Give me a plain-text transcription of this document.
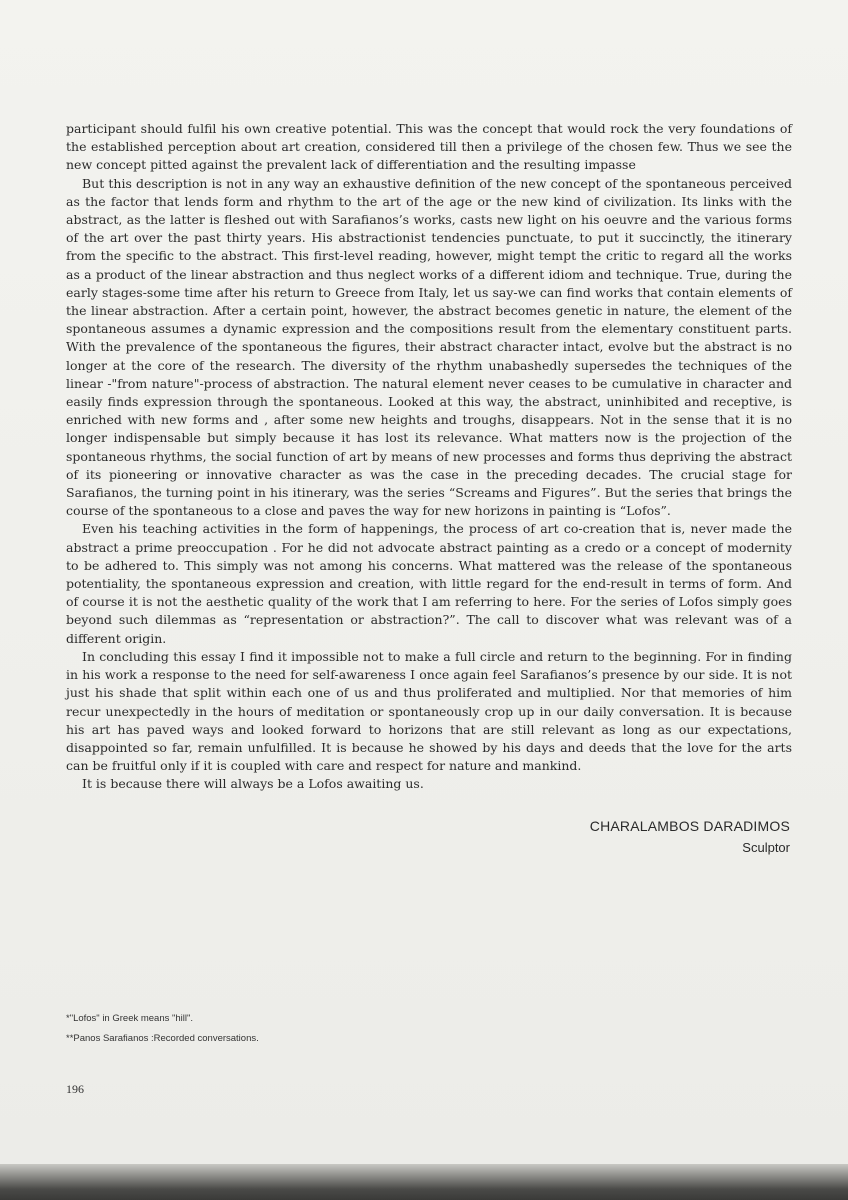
participant should fulfil his own creative potential. This was the concept that would rock the very foundations of the established perception about art creation, considered till then a privilege of the chosen few. Thus we see the new concept pitted against the prevalent lack of differentiation and the resulting impasse

But this description is not in any way an exhaustive definition of the new concept of the spontaneous perceived as the factor that lends form and rhythm to the art of the age or the new kind of civilization. Its links with the abstract, as the latter is fleshed out with Sarafianos’s works, casts new light on his oeuvre and the various forms of the art over the past thirty years. His abstractionist tendencies punctuate, to put it succinctly, the itinerary from the specific to the abstract. This first-level reading, however, might tempt the critic to regard all the works as a product of the linear abstraction and thus neglect works of a different idiom and technique. True, during the early stages-some time after his return to Greece from Italy, let us say-we can find works that contain elements of the linear abstraction. After a certain point, however, the abstract becomes genetic in nature, the element of the spontaneous assumes a dynamic expression and the compositions result from the elementary constituent parts. With the prevalence of the spontaneous the figures, their abstract character intact, evolve but the abstract is no longer at the core of the research. The diversity of the rhythm unabashedly supersedes the techniques of the linear -"from nature"-process of abstraction. The natural element never ceases to be cumulative in character and easily finds expression through the spontaneous. Looked at this way, the abstract, uninhibited and receptive, is enriched with new forms and , after some new heights and troughs, disappears. Not in the sense that it is no longer indispensable but simply because it has lost its relevance. What matters now is the projection of the spontaneous rhythms, the social function of art by means of new processes and forms thus depriving the abstract of its pioneering or innovative character as was the case in the preceding decades. The crucial stage for Sarafianos, the turning point in his itinerary, was the series “Screams and Figures”. But the series that brings the course of the spontaneous to a close and paves the way for new horizons in painting is “Lofos”.

Even his teaching activities in the form of happenings, the process of art co-creation that is, never made the abstract a prime preoccupation . For he did not advocate abstract painting as a credo or a concept of modernity to be adhered to. This simply was not among his concerns. What mattered was the release of the spontaneous potentiality, the spontaneous expression and creation, with little regard for the end-result in terms of form. And of course it is not the aesthetic quality of the work that I am referring to here. For the series of Lofos simply goes beyond such dilemmas as “representation or abstraction?”. The call to discover what was relevant was of a different origin.

In concluding this essay I find it impossible not to make a full circle and return to the beginning. For in finding in his work a response to the need for self-awareness I once again feel Sarafianos’s presence by our side. It is not just his shade that split within each one of us and thus proliferated and multiplied. Nor that memories of him recur unexpectedly in the hours of meditation or spontaneously crop up in our daily conversation. It is because his art has paved ways and looked forward to horizons that are still relevant as long as our expectations, disappointed so far, remain unfulfilled. It is because he showed by his days and deeds that the love for the arts can be fruitful only if it is coupled with care and respect for nature and mankind.

It is because there will always be a Lofos awaiting us.

CHARALAMBOS DARADIMOS
Sculptor
*"Lofos" in Greek means "hill".
**Panos Sarafianos :Recorded conversations.
196
